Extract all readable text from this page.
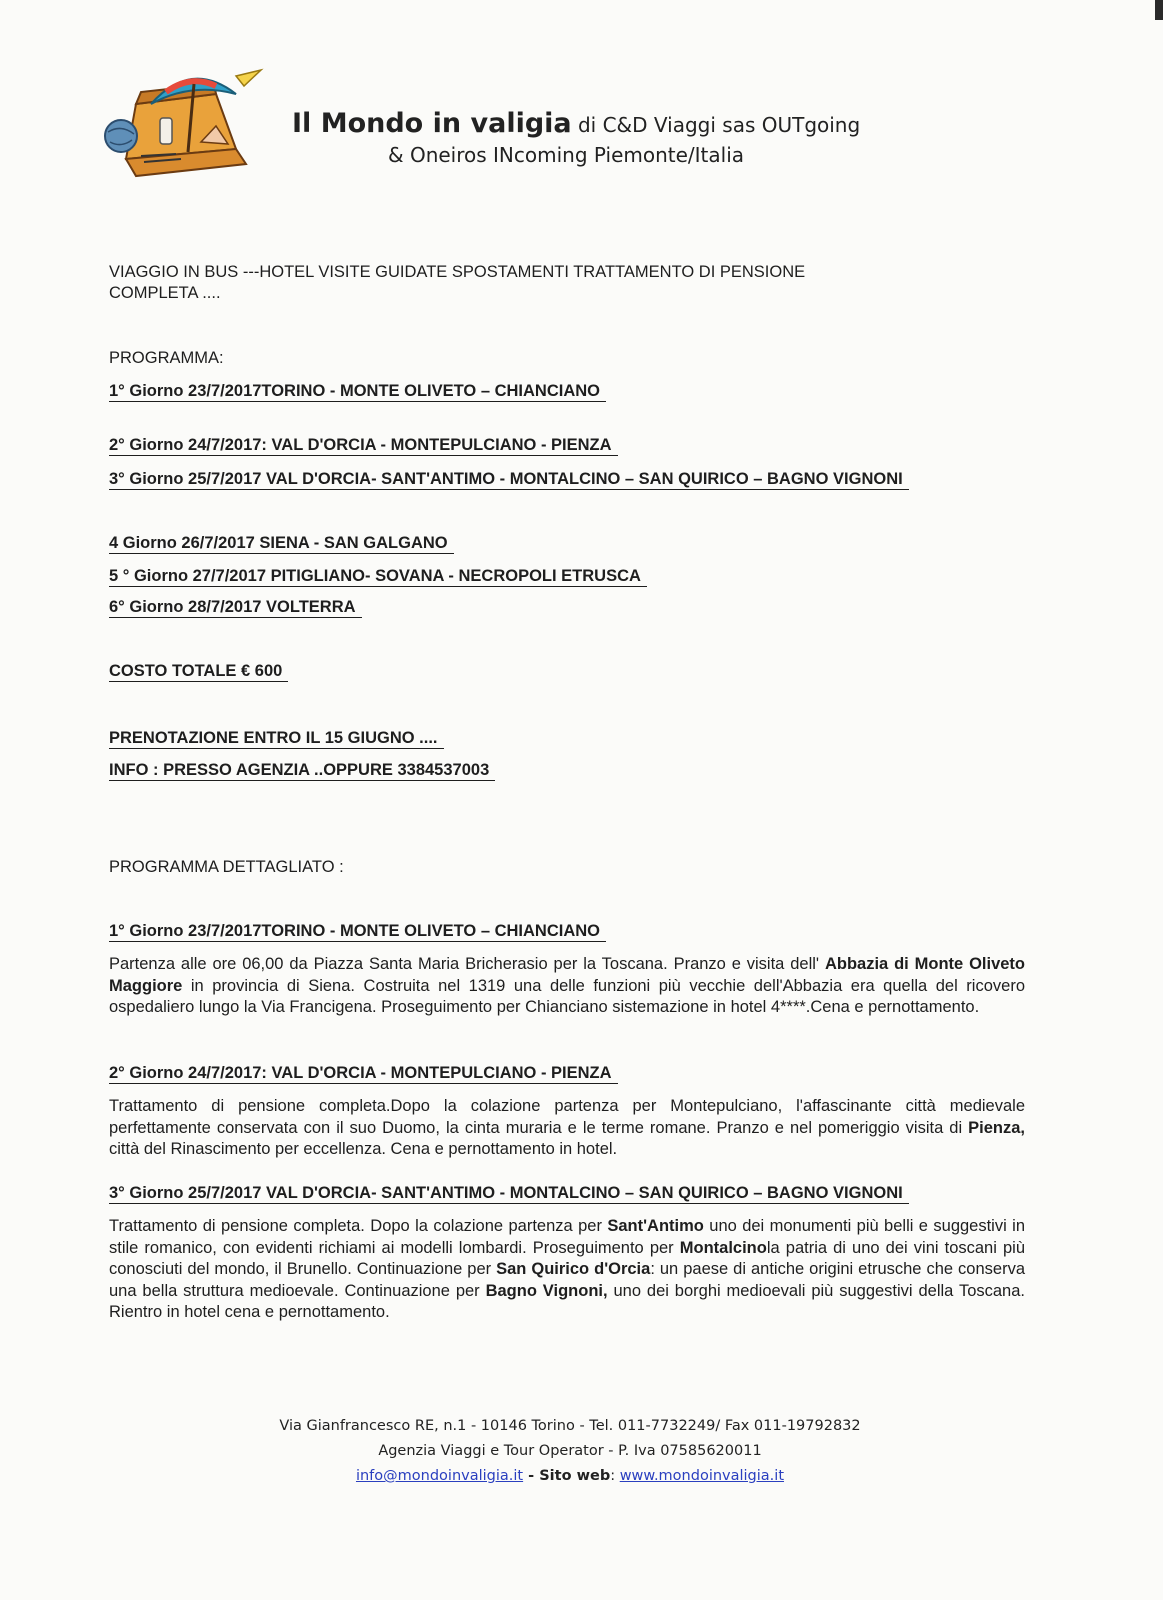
Il Mondo in valigia di C&D Viaggi sas OUTgoing
& Oneiros INcoming Piemonte/Italia
VIAGGIO IN BUS ---HOTEL VISITE GUIDATE SPOSTAMENTI TRATTAMENTO DI PENSIONE
COMPLETA ....
PROGRAMMA:
1° Giorno 23/7/2017TORINO - MONTE OLIVETO – CHIANCIANO
2° Giorno 24/7/2017: VAL D'ORCIA - MONTEPULCIANO - PIENZA
3° Giorno 25/7/2017 VAL D'ORCIA- SANT'ANTIMO - MONTALCINO – SAN QUIRICO – BAGNO VIGNONI
4 Giorno 26/7/2017 SIENA - SAN GALGANO
5 ° Giorno 27/7/2017 PITIGLIANO- SOVANA - NECROPOLI ETRUSCA
6° Giorno 28/7/2017 VOLTERRA
COSTO TOTALE € 600
PRENOTAZIONE ENTRO IL 15 GIUGNO ....
INFO : PRESSO AGENZIA ..OPPURE 3384537003
PROGRAMMA DETTAGLIATO :
1° Giorno 23/7/2017TORINO - MONTE OLIVETO – CHIANCIANO
Partenza alle ore 06,00 da Piazza Santa Maria Bricherasio per la Toscana. Pranzo e visita dell' Abbazia di Monte Oliveto Maggiore in provincia di Siena. Costruita nel 1319 una delle funzioni più vecchie dell'Abbazia era quella del ricovero ospedaliero lungo la Via Francigena. Proseguimento per Chianciano sistemazione in hotel 4****.Cena e pernottamento.
2° Giorno 24/7/2017: VAL D'ORCIA - MONTEPULCIANO - PIENZA
Trattamento di pensione completa.Dopo la colazione partenza per Montepulciano, l'affascinante città medievale perfettamente conservata con il suo Duomo, la cinta muraria e le terme romane. Pranzo e nel pomeriggio visita di Pienza, città del Rinascimento per eccellenza. Cena e pernottamento in hotel.
3° Giorno 25/7/2017 VAL D'ORCIA- SANT'ANTIMO - MONTALCINO – SAN QUIRICO – BAGNO VIGNONI
Trattamento di pensione completa. Dopo la colazione partenza per Sant'Antimo uno dei monumenti più belli e suggestivi in stile romanico, con evidenti richiami ai modelli lombardi. Proseguimento per Montalcinola patria di uno dei vini toscani più conosciuti del mondo, il Brunello. Continuazione per San Quirico d'Orcia: un paese di antiche origini etrusche che conserva una bella struttura medioevale. Continuazione per Bagno Vignoni, uno dei borghi medioevali più suggestivi della Toscana. Rientro in hotel cena e pernottamento.
Via Gianfrancesco RE, n.1 - 10146 Torino - Tel. 011-7732249/ Fax 011-19792832
Agenzia Viaggi e Tour Operator - P. Iva 07585620011
info@mondoinvaligia.it - Sito web: www.mondoinvaligia.it
